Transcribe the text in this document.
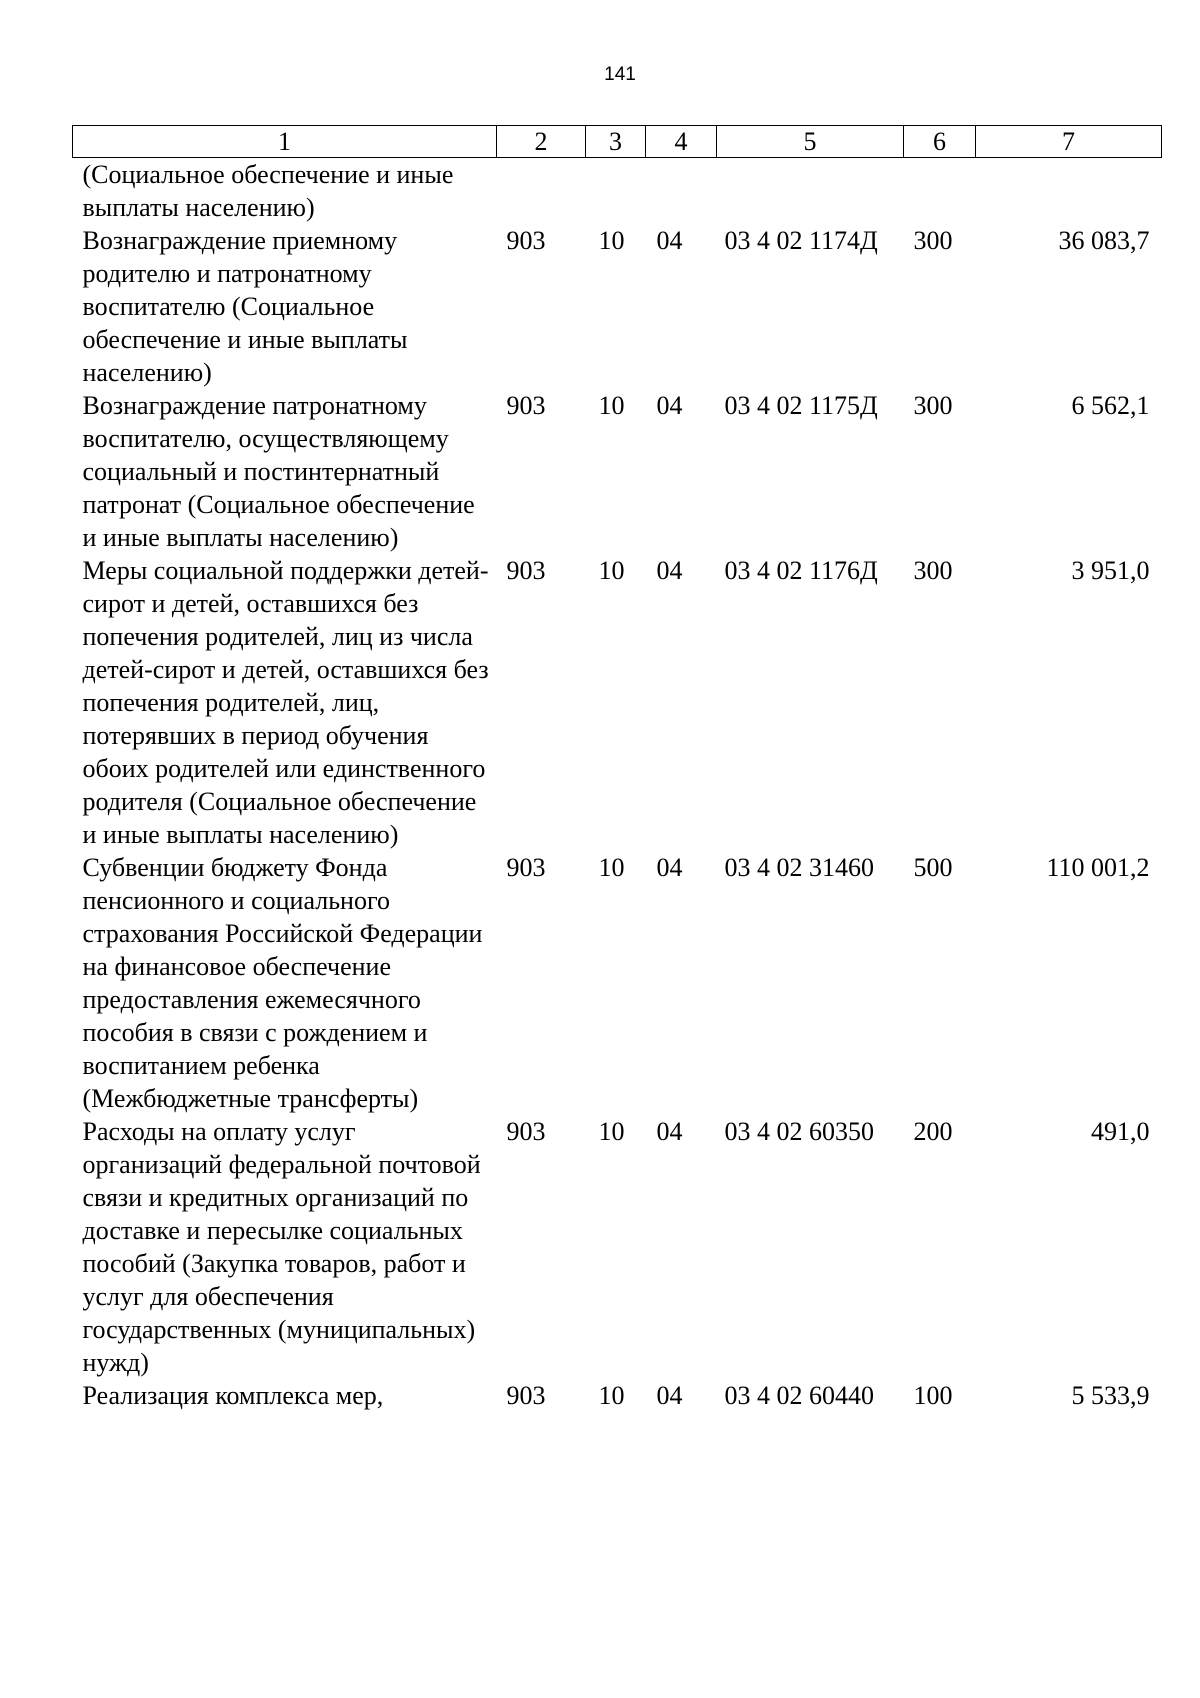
141
1	2	3	4	5	6	7
(Социальное обеспечение и иные выплаты населению)						
Вознаграждение приемному родителю и патронатному воспитателю (Социальное обеспечение и иные выплаты населению)	903	10	04	03 4 02 1174Д	300	36 083,7
Вознаграждение патронатному воспитателю, осуществляющему социальный и постинтернатный патронат (Социальное обеспечение и иные выплаты населению)	903	10	04	03 4 02 1175Д	300	6 562,1
Меры социальной поддержки детей-сирот и детей, оставшихся без попечения родителей, лиц из числа детей-сирот и детей, оставшихся без попечения родителей, лиц, потерявших в период обучения обоих родителей или единственного родителя (Социальное обеспечение и иные выплаты населению)	903	10	04	03 4 02 1176Д	300	3 951,0
Субвенции бюджету Фонда пенсионного и социального страхования Российской Федерации на финансовое обеспечение предоставления ежемесячного пособия в связи с рождением и воспитанием ребенка (Межбюджетные трансферты)	903	10	04	03 4 02 31460	500	110 001,2
Расходы на оплату услуг организаций федеральной почтовой связи и кредитных организаций по доставке и пересылке социальных пособий (Закупка товаров, работ и услуг для обеспечения государственных (муниципальных) нужд)	903	10	04	03 4 02 60350	200	491,0
Реализация комплекса мер,	903	10	04	03 4 02 60440	100	5 533,9
